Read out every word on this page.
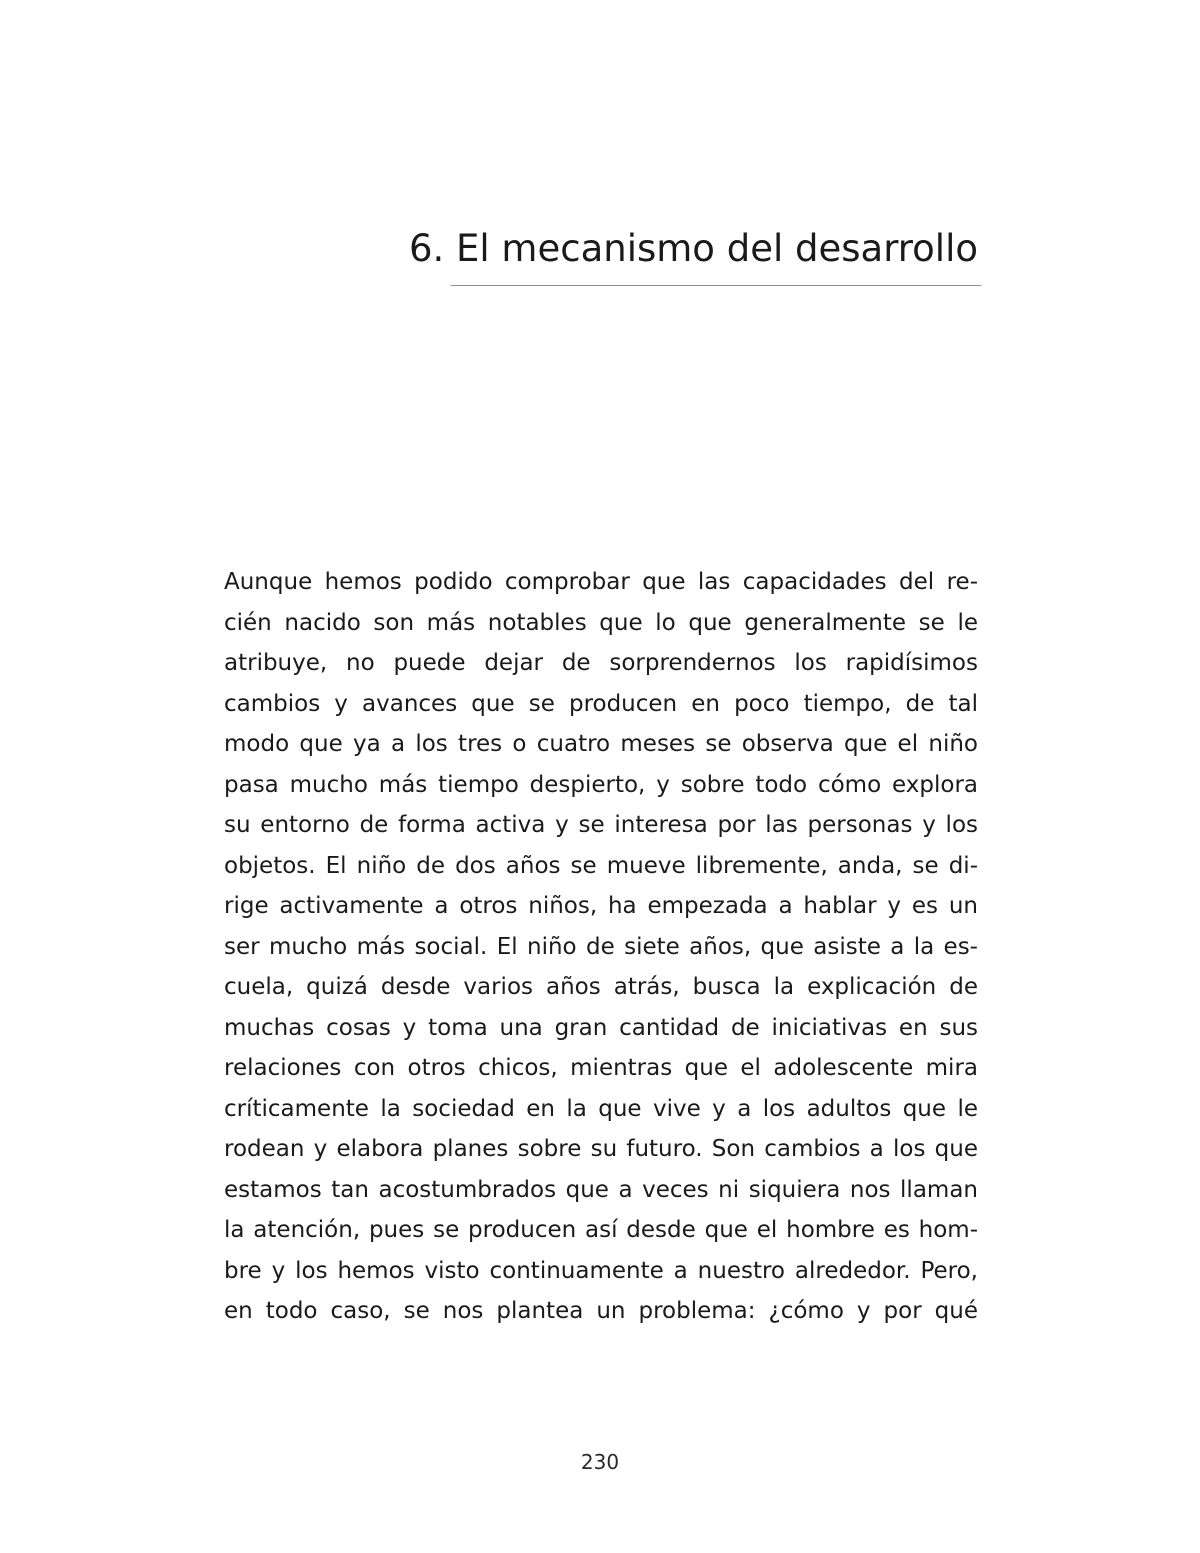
6. El mecanismo del desarrollo
Aunque hemos podido comprobar que las capacidades del re-
cién nacido son más notables que lo que generalmente se le
atribuye, no puede dejar de sorprendernos los rapidísimos
cambios y avances que se producen en poco tiempo, de tal
modo que ya a los tres o cuatro meses se observa que el niño
pasa mucho más tiempo despierto, y sobre todo cómo explora
su entorno de forma activa y se interesa por las personas y los
objetos. El niño de dos años se mueve libremente, anda, se di-
rige activamente a otros niños, ha empezada a hablar y es un
ser mucho más social. El niño de siete años, que asiste a la es-
cuela, quizá desde varios años atrás, busca la explicación de
muchas cosas y toma una gran cantidad de iniciativas en sus
relaciones con otros chicos, mientras que el adolescente mira
críticamente la sociedad en la que vive y a los adultos que le
rodean y elabora planes sobre su futuro. Son cambios a los que
estamos tan acostumbrados que a veces ni siquiera nos llaman
la atención, pues se producen así desde que el hombre es hom-
bre y los hemos visto continuamente a nuestro alrededor. Pero,
en todo caso, se nos plantea un problema: ¿cómo y por qué

230
